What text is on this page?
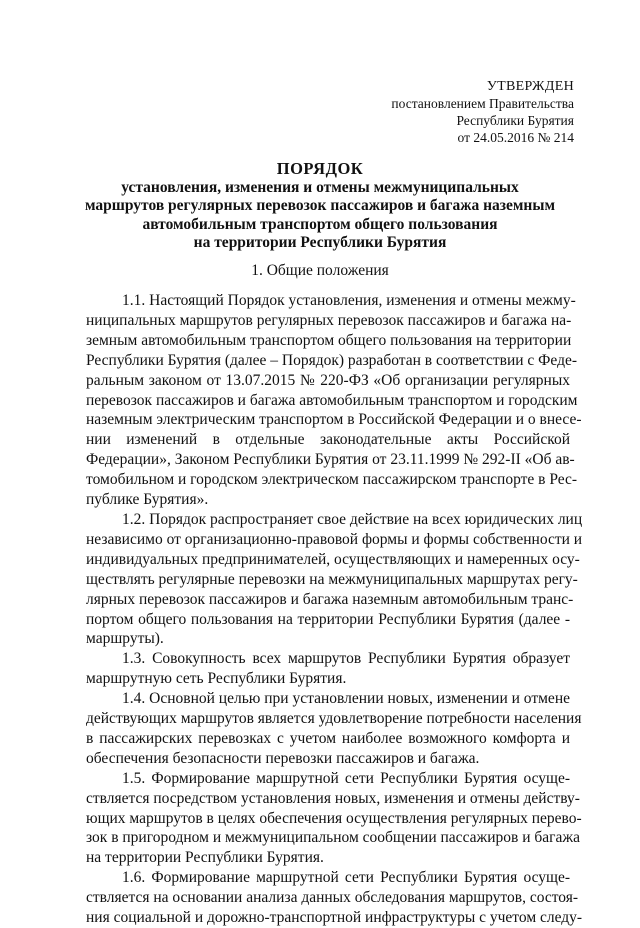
УТВЕРЖДЕН
постановлением Правительства
Республики Бурятия
от 24.05.2016 № 214
ПОРЯДОК
установления, изменения и отмены межмуниципальных
маршрутов регулярных перевозок пассажиров и багажа наземным
автомобильным транспортом общего пользования
на территории Республики Бурятия
1. Общие положения

1.1. Настоящий Порядок установления, изменения и отмены межму-
ниципальных маршрутов регулярных перевозок пассажиров и багажа на-
земным автомобильным транспортом общего пользования на территории
Республики Бурятия (далее – Порядок) разработан в соответствии с Феде-
ральным законом от 13.07.2015 № 220-ФЗ «Об организации регулярных
перевозок пассажиров и багажа автомобильным транспортом и городским
наземным электрическим транспортом в Российской Федерации и о внесе-
нии изменений в отдельные законодательные акты Российской
Федерации», Законом Республики Бурятия от 23.11.1999 № 292-II «Об ав-
томобильном и городском электрическом пассажирском транспорте в Рес-
публике Бурятия».

1.2. Порядок распространяет свое действие на всех юридических лиц
независимо от организационно-правовой формы и формы собственности и
индивидуальных предпринимателей, осуществляющих и намеренных осу-
ществлять регулярные перевозки на межмуниципальных маршрутах регу-
лярных перевозок пассажиров и багажа наземным автомобильным транс-
портом общего пользования на территории Республики Бурятия (далее -
маршруты).

1.3. Совокупность всех маршрутов Республики Бурятия образует
маршрутную сеть Республики Бурятия.

1.4. Основной целью при установлении новых, изменении и отмене
действующих маршрутов является удовлетворение потребности населения
в пассажирских перевозках с учетом наиболее возможного комфорта и
обеспечения безопасности перевозки пассажиров и багажа.

1.5. Формирование маршрутной сети Республики Бурятия осуще-
ствляется посредством установления новых, изменения и отмены действу-
ющих маршрутов в целях обеспечения осуществления регулярных перево-
зок в пригородном и межмуниципальном сообщении пассажиров и багажа
на территории Республики Бурятия.

1.6. Формирование маршрутной сети Республики Бурятия осуще-
ствляется на основании анализа данных обследования маршрутов, состоя-
ния социальной и дорожно-транспортной инфраструктуры с учетом следу-
